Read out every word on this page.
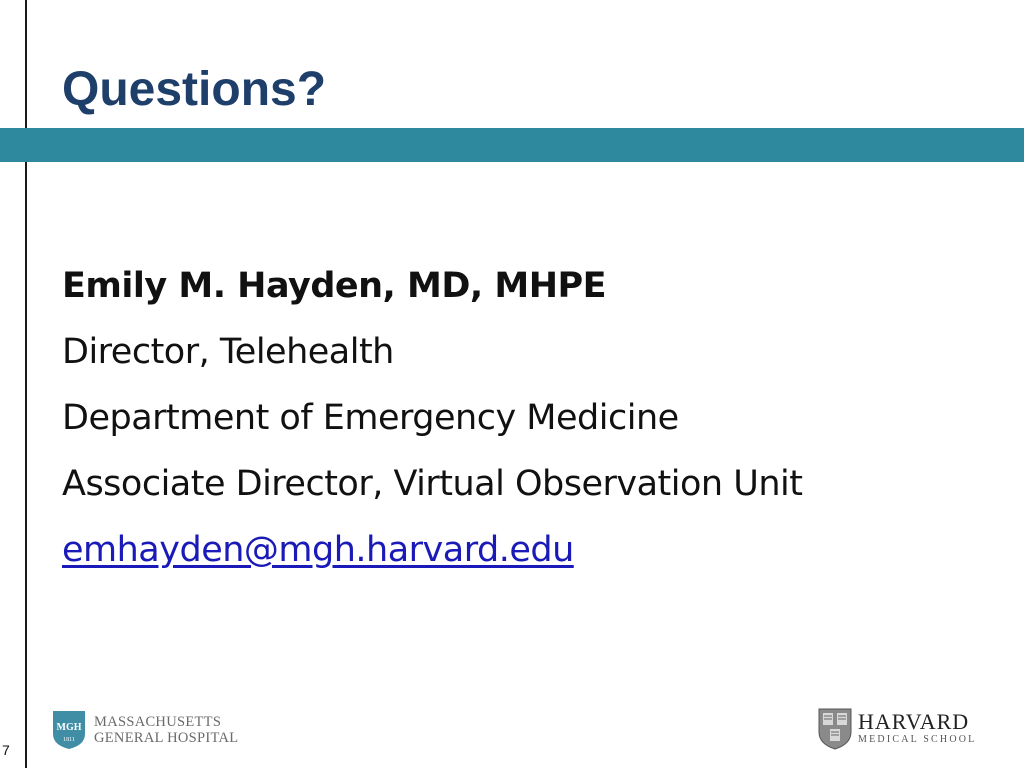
Questions?
Emily M. Hayden, MD, MHPE
Director, Telehealth
Department of Emergency Medicine
Associate Director, Virtual Observation Unit
emhayden@mgh.harvard.edu
7
MGH
1811
MASSACHUSETTS
GENERAL HOSPITAL
HARVARD
MEDICAL SCHOOL
